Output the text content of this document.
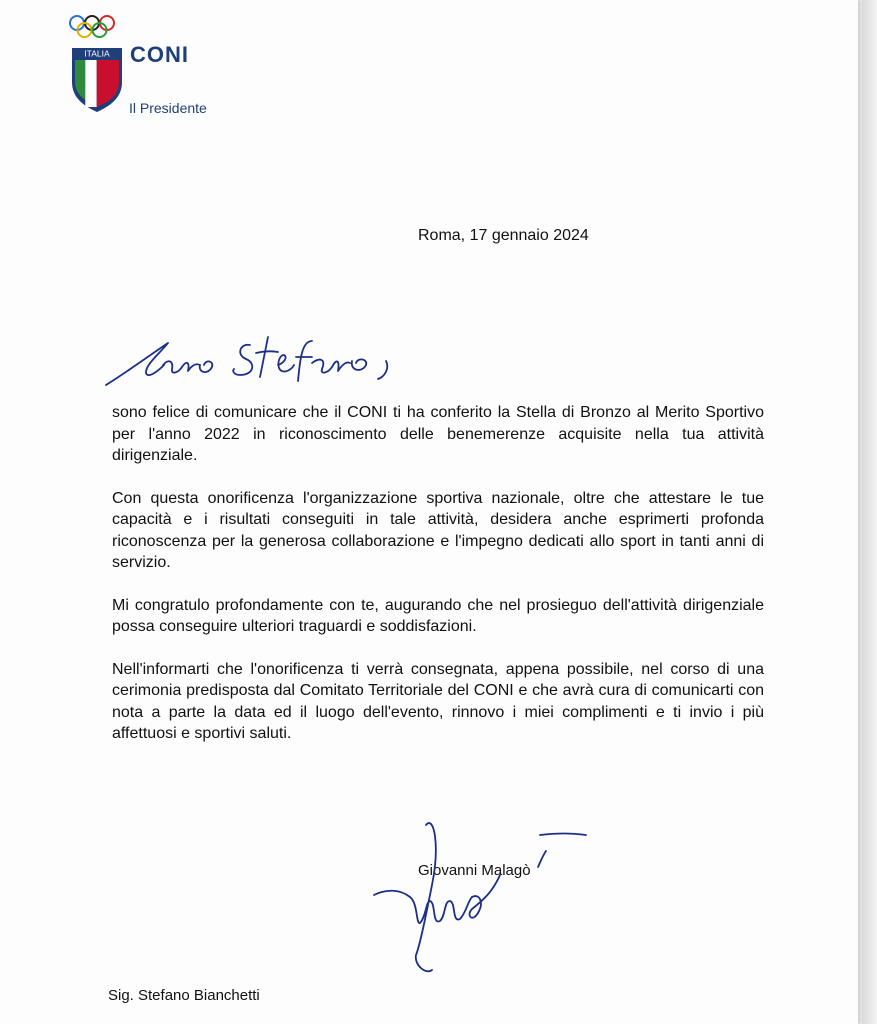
ITALIA CONI
Il Presidente
Roma, 17 gennaio 2024

sono felice di comunicare che il CONI ti ha conferito la Stella di Bronzo al Merito Sportivo per l'anno 2022 in riconoscimento delle benemerenze acquisite nella tua attività dirigenziale.

Con questa onorificenza l'organizzazione sportiva nazionale, oltre che attestare le tue capacità e i risultati conseguiti in tale attività, desidera anche esprimerti profonda riconoscenza per la generosa collaborazione e l'impegno dedicati allo sport in tanti anni di servizio.

Mi congratulo profondamente con te, augurando che nel prosieguo dell'attività dirigenziale possa conseguire ulteriori traguardi e soddisfazioni.

Nell'informarti che l'onorificenza ti verrà consegnata, appena possibile, nel corso di una cerimonia predisposta dal Comitato Territoriale del CONI e che avrà cura di comunicarti con nota a parte la data ed il luogo dell'evento, rinnovo i miei complimenti e ti invio i più affettuosi e sportivi saluti.

Giovanni Malagò
Sig. Stefano Bianchetti
